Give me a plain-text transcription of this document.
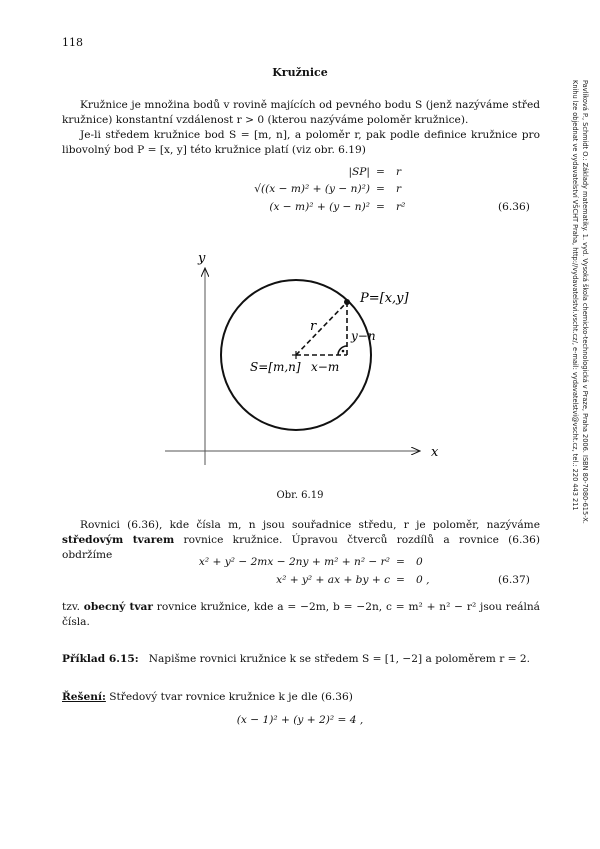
118
Kružnice
Kružnice je množina bodů v rovině majících od pevného bodu S (jenž nazýváme střed kružnice) konstantní vzdálenost r > 0 (kterou nazýváme poloměr kružnice).
Je-li středem kružnice bod S = [m, n], a poloměr r, pak podle definice kružnice pro libovolný bod P = [x, y] této kružnice platí (viz obr. 6.19)
|SP| = r
√((x − m)² + (y − n)²) = r
(x − m)² + (y − n)² = r²	(6.36)
y
x
P=[x,y]
r
y−n
S=[m,n] x−m
Obr. 6.19
Rovnici (6.36), kde čísla m, n jsou souřadnice středu, r je poloměr, nazýváme středovým tvarem rovnice kružnice. Úpravou čtverců rozdílů a rovnice (6.36) obdržíme
x² + y² − 2mx − 2ny + m² + n² − r² = 0
x² + y² + ax + by + c = 0 ,	(6.37)
tzv. obecný tvar rovnice kružnice, kde a = −2m, b = −2n, c = m² + n² − r² jsou reálná čísla.
Příklad 6.15: Napišme rovnici kružnice k se středem S = [1, −2] a poloměrem r = 2.
Řešení: Středový tvar rovnice kružnice k je dle (6.36)
(x − 1)² + (y + 2)² = 4 ,
Pavlíková P., Schmidt O.: Základy matematiky. 1. vyd. Vysoká škola chemicko-technologická v Praze, Praha 2006. ISBN 80-7080-615-X.
Knihu lze objednat ve vydavatelství VŠCHT Praha, http://vydavatelstvi.vscht.cz/, e-mail: vydavatelstvi@vscht.cz, tel.: 220 443 211
